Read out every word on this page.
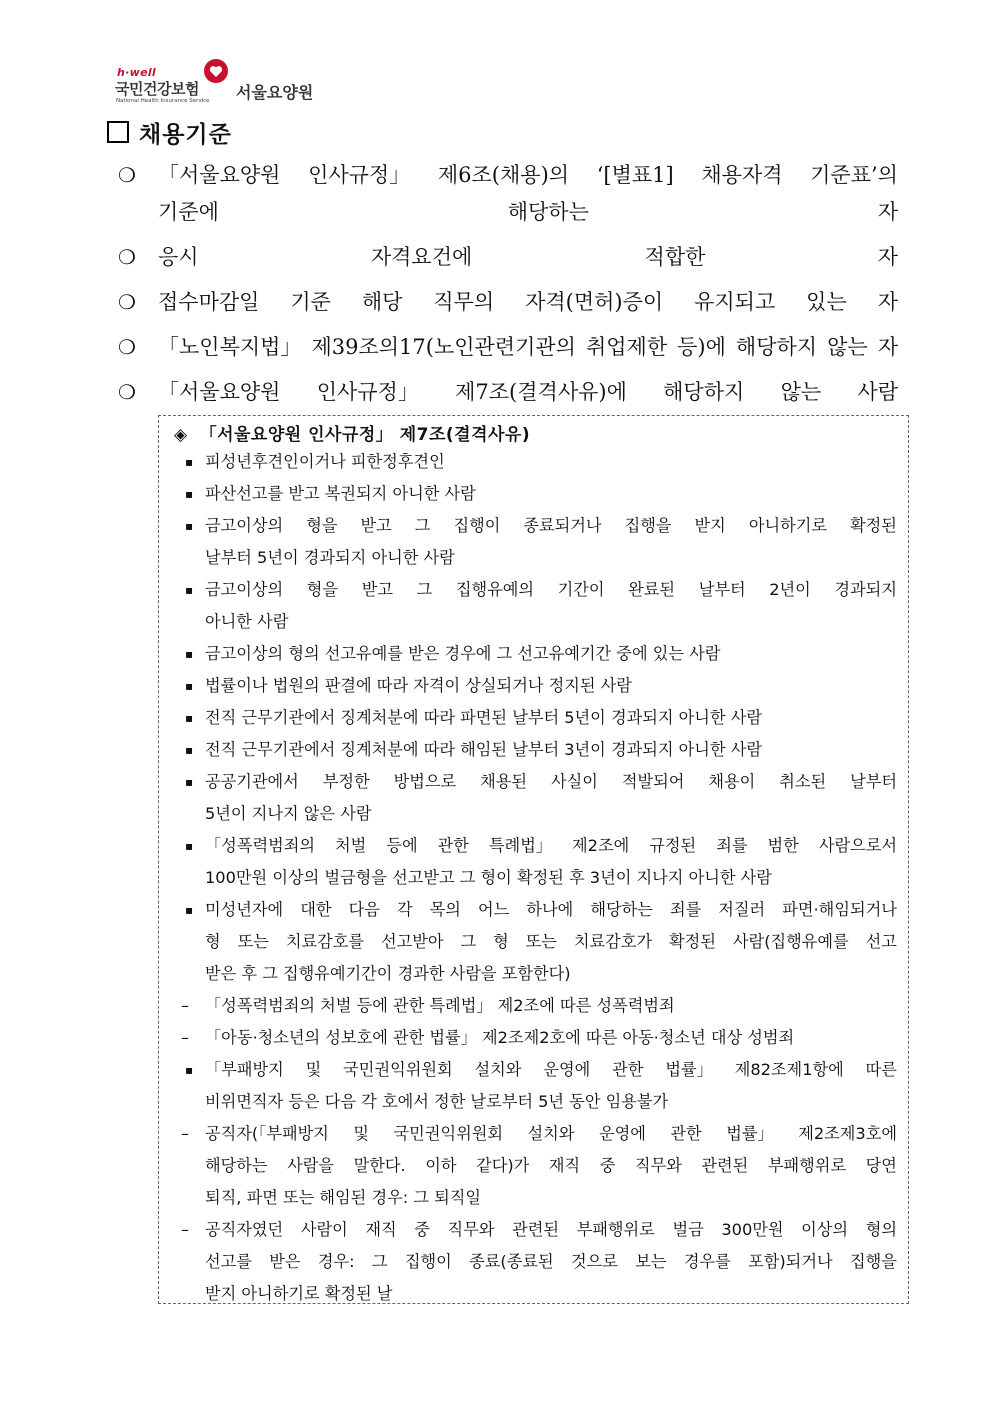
h·well
국민건강보험
National Health Insurance Service 서울요양원
채용기준
❍ 「서울요양원 인사규정」 제6조(채용)의 ‘[별표1] 채용자격 기준표’의
기준에 해당하는 자
❍ 응시	자격요건에	적합한	자
❍ 접수마감일 기준 해당 직무의 자격(면허)증이 유지되고 있는 자
❍ 「노인복지법」 제39조의17(노인관련기관의 취업제한 등)에 해당하지 않는 자
❍ 「서울요양원 인사규정」 제7조(결격사유)에 해당하지 않는 사람
◈ 「서울요양원 인사규정」 제7조(결격사유)
▪ 피성년후견인이거나 피한정후견인
▪ 파산선고를 받고 복권되지 아니한 사람
▪ 금고이상의 형을 받고 그 집행이 종료되거나 집행을 받지 아니하기로 확정된
날부터 5년이 경과되지 아니한 사람
▪ 금고이상의 형을 받고 그 집행유예의 기간이 완료된 날부터 2년이 경과되지
아니한 사람
▪ 금고이상의 형의 선고유예를 받은 경우에 그 선고유예기간 중에 있는 사람
▪ 법률이나 법원의 판결에 따라 자격이 상실되거나 정지된 사람
▪ 전직 근무기관에서 징계처분에 따라 파면된 날부터 5년이 경과되지 아니한 사람
▪ 전직 근무기관에서 징계처분에 따라 해임된 날부터 3년이 경과되지 아니한 사람
▪ 공공기관에서 부정한 방법으로 채용된 사실이 적발되어 채용이 취소된 날부터
5년이 지나지 않은 사람
▪ 「성폭력범죄의 처벌 등에 관한 특례법」 제2조에 규정된 죄를 범한 사람으로서
100만원 이상의 벌금형을 선고받고 그 형이 확정된 후 3년이 지나지 아니한 사람
▪ 미성년자에 대한 다음 각 목의 어느 하나에 해당하는 죄를 저질러 파면·해임되거나
형 또는 치료감호를 선고받아 그 형 또는 치료감호가 확정된 사람(집행유예를 선고
받은 후 그 집행유예기간이 경과한 사람을 포함한다)
– 「성폭력범죄의 처벌 등에 관한 특례법」 제2조에 따른 성폭력범죄
– 「아동·청소년의 성보호에 관한 법률」 제2조제2호에 따른 아동·청소년 대상 성범죄
▪ 「부패방지 및 국민권익위원회 설치와 운영에 관한 법률」 제82조제1항에 따른
비위면직자 등은 다음 각 호에서 정한 날로부터 5년 동안 임용불가
– 공직자(「부패방지 및 국민권익위원회 설치와 운영에 관한 법률」 제2조제3호에
해당하는 사람을 말한다. 이하 같다)가 재직 중 직무와 관련된 부패행위로 당연
퇴직, 파면 또는 해임된 경우: 그 퇴직일
– 공직자였던 사람이 재직 중 직무와 관련된 부패행위로 벌금 300만원 이상의 형의
선고를 받은 경우: 그 집행이 종료(종료된 것으로 보는 경우를 포함)되거나 집행을
받지 아니하기로 확정된 날
